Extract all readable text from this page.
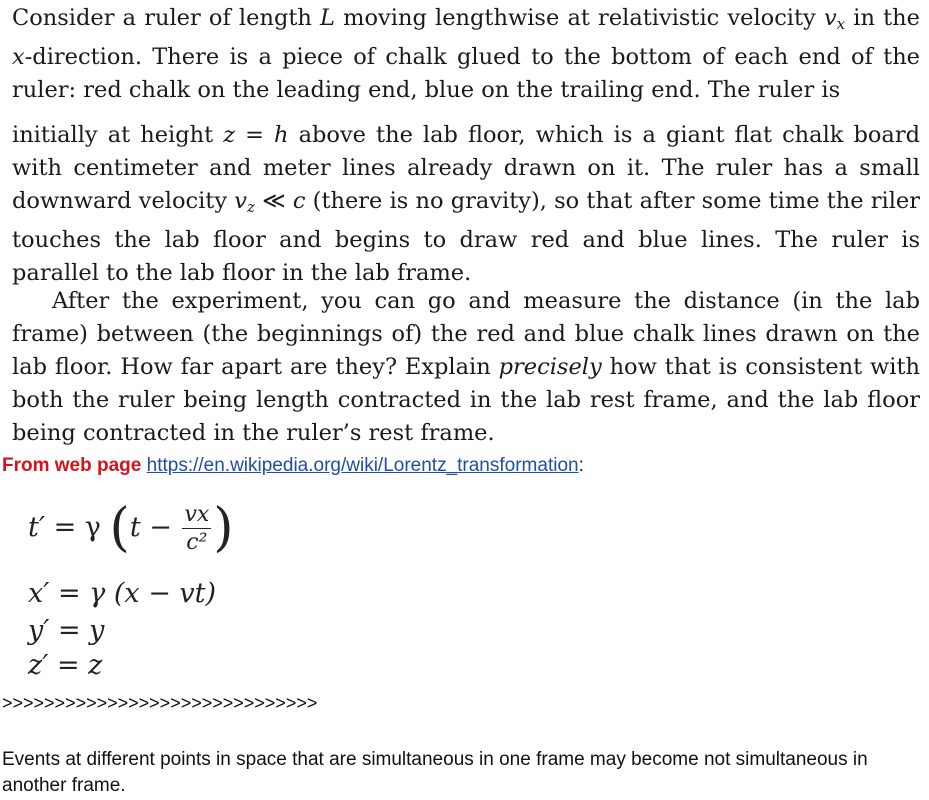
Consider a ruler of length L moving lengthwise at relativistic velocity $v_x$ in the x-direction. There is a piece of chalk glued to the bottom of each end of the ruler: red chalk on the leading end, blue on the trailing end. The ruler is

initially at height z = h above the lab floor, which is a giant flat chalk board with centimeter and meter lines already drawn on it. The ruler has a small downward velocity $v_z$ ≪ c (there is no gravity), so that after some time the riler touches the lab floor and begins to draw red and blue lines. The ruler is parallel to the lab floor in the lab frame.

After the experiment, you can go and measure the distance (in the lab frame) between (the beginnings of) the red and blue chalk lines drawn on the lab floor. How far apart are they? Explain precisely how that is consistent with both the ruler being length contracted in the lab rest frame, and the lab floor being contracted in the ruler’s rest frame.

From web page https://en.wikipedia.org/wiki/Lorentz_transformation:
t′ = γ ($t - \frac{vx}{\text{c²}}$ )
x′ = γ (x − vt)
y′ = y
z′ = z
>>>>>>>>>>>>>>>>>>>>>>>>>>>>>>
Events at different points in space that are simultaneous in one frame may become not simultaneous in another frame.
